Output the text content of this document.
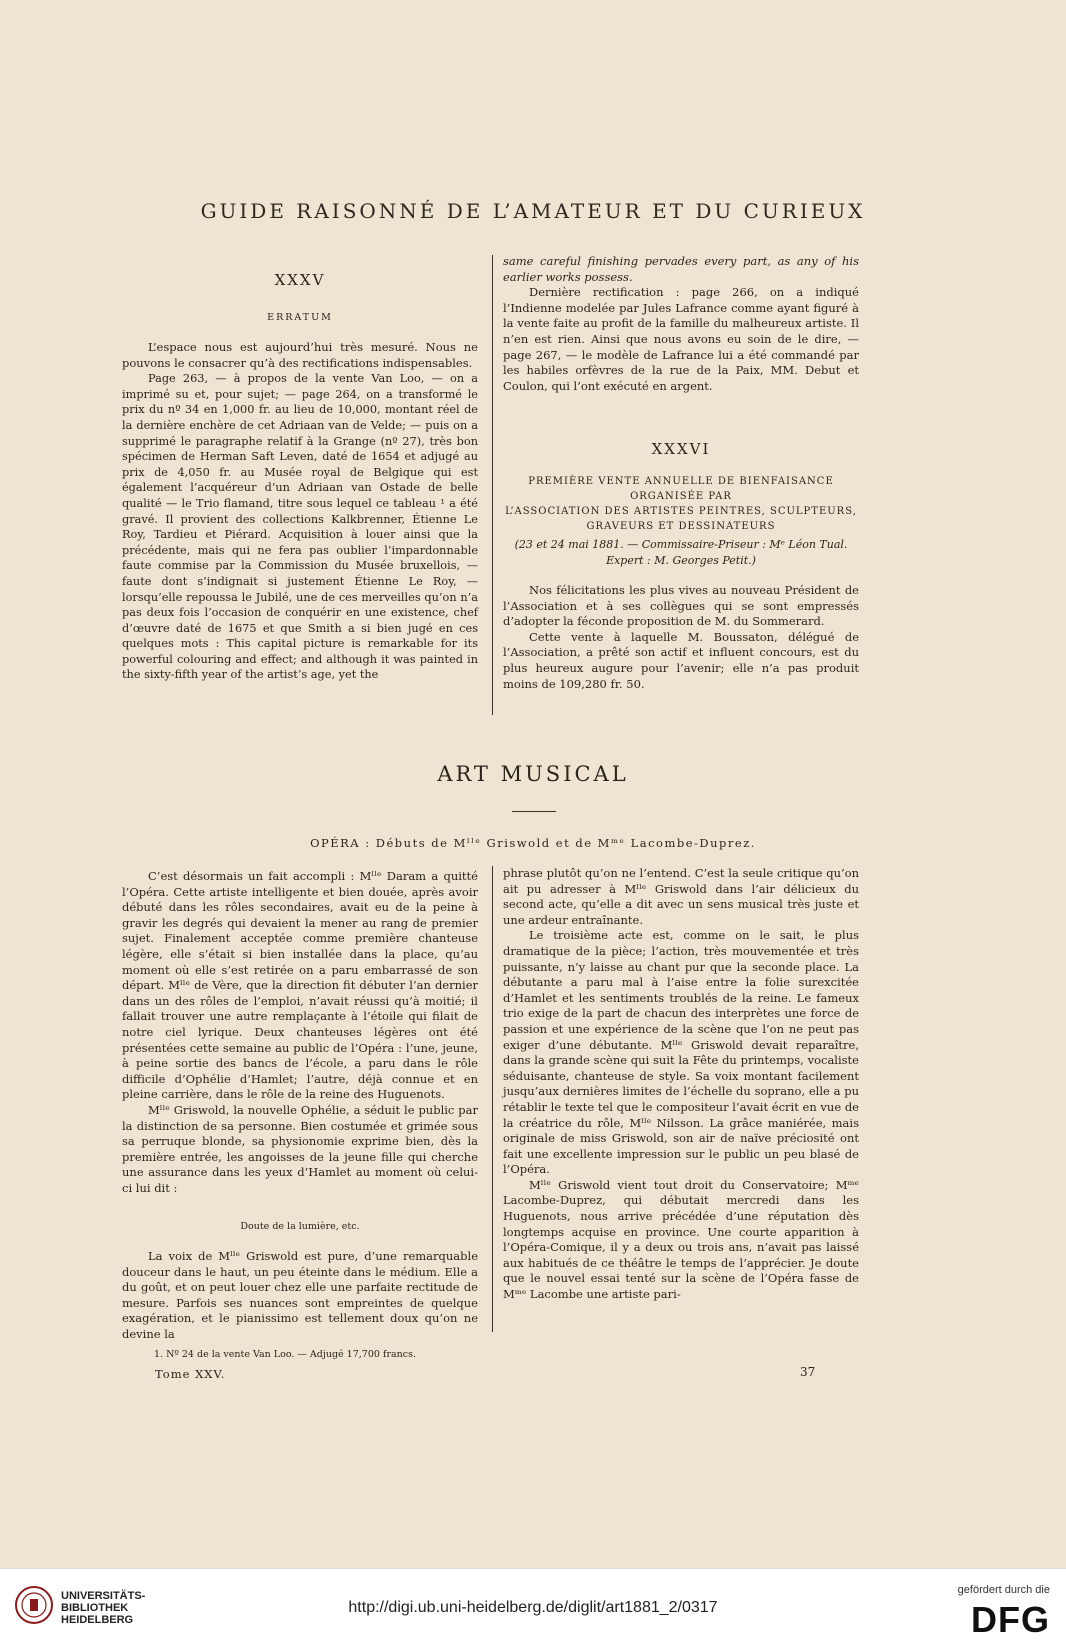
GUIDE RAISONNÉ DE L’AMATEUR ET DU CURIEUX
XXXV
ERRATUM

L’espace nous est aujourd’hui très mesuré. Nous ne pouvons le consacrer qu’à des rectifications indispensables.

Page 263, — à propos de la vente Van Loo, — on a imprimé su et, pour sujet; — page 264, on a transformé le prix du nº 34 en 1,000 fr. au lieu de 10,000, montant réel de la dernière enchère de cet Adriaan van de Velde; — puis on a supprimé le paragraphe relatif à la Grange (nº 27), très bon spécimen de Herman Saft Leven, daté de 1654 et adjugé au prix de 4,050 fr. au Musée royal de Belgique qui est également l’acquéreur d’un Adriaan van Ostade de belle qualité — le Trio flamand, titre sous lequel ce tableau ¹ a été gravé. Il provient des collections Kalkbrenner, Étienne Le Roy, Tardieu et Piérard. Acquisition à louer ainsi que la précédente, mais qui ne fera pas oublier l’impardonnable faute commise par la Commission du Musée bruxellois, — faute dont s’indignait si justement Étienne Le Roy, — lorsqu’elle repoussa le Jubilé, une de ces merveilles qu’on n’a pas deux fois l’occasion de conquérir en une existence, chef d’œuvre daté de 1675 et que Smith a si bien jugé en ces quelques mots : This capital picture is remarkable for its powerful colouring and effect; and although it was painted in the sixty-fifth year of the artist’s age, yet the

same careful finishing pervades every part, as any of his earlier works possess.

Dernière rectification : page 266, on a indiqué l’Indienne modelée par Jules Lafrance comme ayant figuré à la vente faite au profit de la famille du malheureux artiste. Il n’en est rien. Ainsi que nous avons eu soin de le dire, — page 267, — le modèle de Lafrance lui a été commandé par les habiles orfèvres de la rue de la Paix, MM. Debut et Coulon, qui l’ont exécuté en argent.

XXXVI
PREMIÈRE VENTE ANNUELLE DE BIENFAISANCE ORGANISÉE PAR
L’ASSOCIATION DES ARTISTES PEINTRES, SCULPTEURS,
GRAVEURS ET DESSINATEURS
(23 et 24 mai 1881. — Commissaire-Priseur : Mᵉ Léon Tual.
Expert : M. Georges Petit.)

Nos félicitations les plus vives au nouveau Président de l’Association et à ses collègues qui se sont empressés d’adopter la féconde proposition de M. du Sommerard.

Cette vente à laquelle M. Boussaton, délégué de l’Association, a prêté son actif et influent concours, est du plus heureux augure pour l’avenir; elle n’a pas produit moins de 109,280 fr. 50.

ART MUSICAL
OPÉRA : Débuts de Mˡˡᵉ Griswold et de Mᵐᵉ Lacombe-Duprez.

C’est désormais un fait accompli : Mˡˡᵉ Daram a quitté l’Opéra. Cette artiste intelligente et bien douée, après avoir débuté dans les rôles secondaires, avait eu de la peine à gravir les degrés qui devaient la mener au rang de premier sujet. Finalement acceptée comme première chanteuse légère, elle s’était si bien installée dans la place, qu’au moment où elle s’est retirée on a paru embarrassé de son départ. Mˡˡᵉ de Vère, que la direction fit débuter l’an dernier dans un des rôles de l’emploi, n’avait réussi qu’à moitié; il fallait trouver une autre remplaçante à l’étoile qui filait de notre ciel lyrique. Deux chanteuses légères ont été présentées cette semaine au public de l’Opéra : l’une, jeune, à peine sortie des bancs de l’école, a paru dans le rôle difficile d’Ophélie d’Hamlet; l’autre, déjà connue et en pleine carrière, dans le rôle de la reine des Huguenots.

Mˡˡᵉ Griswold, la nouvelle Ophélie, a séduit le public par la distinction de sa personne. Bien costumée et grimée sous sa perruque blonde, sa physionomie exprime bien, dès la première entrée, les angoisses de la jeune fille qui cherche une assurance dans les yeux d’Hamlet au moment où celui-ci lui dit :

Doute de la lumière, etc.

La voix de Mˡˡᵉ Griswold est pure, d’une remarquable douceur dans le haut, un peu éteinte dans le médium. Elle a du goût, et on peut louer chez elle une parfaite rectitude de mesure. Parfois ses nuances sont empreintes de quelque exagération, et le pianissimo est tellement doux qu’on ne devine la

phrase plutôt qu’on ne l’entend. C’est la seule critique qu’on ait pu adresser à Mˡˡᵉ Griswold dans l’air délicieux du second acte, qu’elle a dit avec un sens musical très juste et une ardeur entraînante.

Le troisième acte est, comme on le sait, le plus dramatique de la pièce; l’action, très mouvementée et très puissante, n’y laisse au chant pur que la seconde place. La débutante a paru mal à l’aise entre la folie surexcitée d’Hamlet et les sentiments troublés de la reine. Le fameux trio exige de la part de chacun des interprètes une force de passion et une expérience de la scène que l’on ne peut pas exiger d’une débutante. Mˡˡᵉ Griswold devait reparaître, dans la grande scène qui suit la Fête du printemps, vocaliste séduisante, chanteuse de style. Sa voix montant facilement jusqu’aux dernières limites de l’échelle du soprano, elle a pu rétablir le texte tel que le compositeur l’avait écrit en vue de la créatrice du rôle, Mˡˡᵉ Nilsson. La grâce maniérée, mais originale de miss Griswold, son air de naïve préciosité ont fait une excellente impression sur le public un peu blasé de l’Opéra.

Mˡˡᵉ Griswold vient tout droit du Conservatoire; Mᵐᵉ Lacombe-Duprez, qui débutait mercredi dans les Huguenots, nous arrive précédée d’une réputation dès longtemps acquise en province. Une courte apparition à l’Opéra-Comique, il y a deux ou trois ans, n’avait pas laissé aux habitués de ce théâtre le temps de l’apprécier. Je doute que le nouvel essai tenté sur la scène de l’Opéra fasse de Mᵐᵉ Lacombe une artiste pari-

1. Nº 24 de la vente Van Loo. — Adjugé 17,700 francs.
Tome XXV.	37
UNIVERSITÄTS-
BIBLIOTHEK
HEIDELBERG
http://digi.ub.uni-heidelberg.de/diglit/art1881_2/0317
gefördert durch die
DFG
